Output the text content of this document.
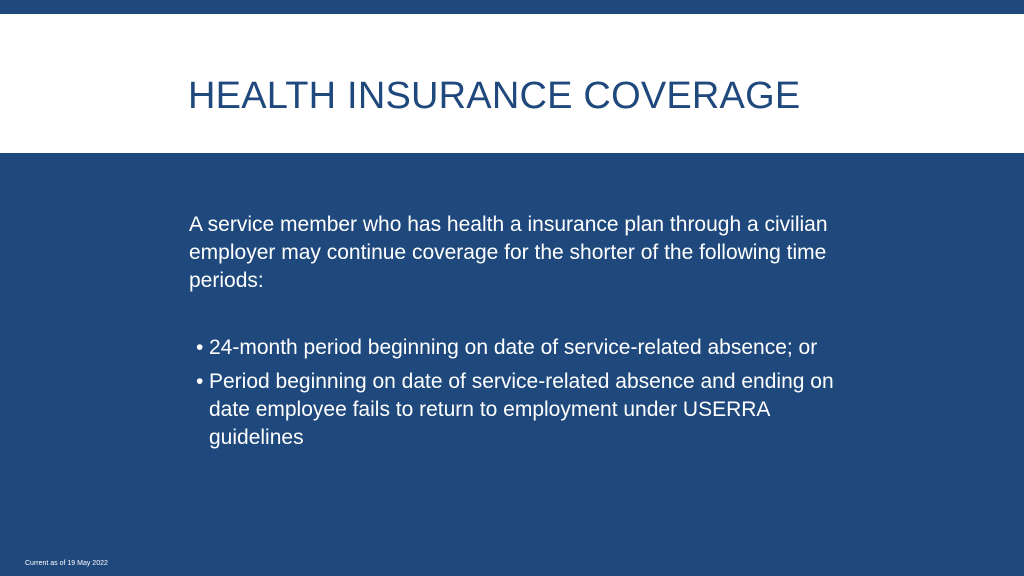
HEALTH INSURANCE COVERAGE

A service member who has health a insurance plan through a civilian employer may continue coverage for the shorter of the following time periods:

• 24-month period beginning on date of service-related absence; or
• Period beginning on date of service-related absence and ending on date employee fails to return to employment under USERRA guidelines

Current as of 19 May 2022
